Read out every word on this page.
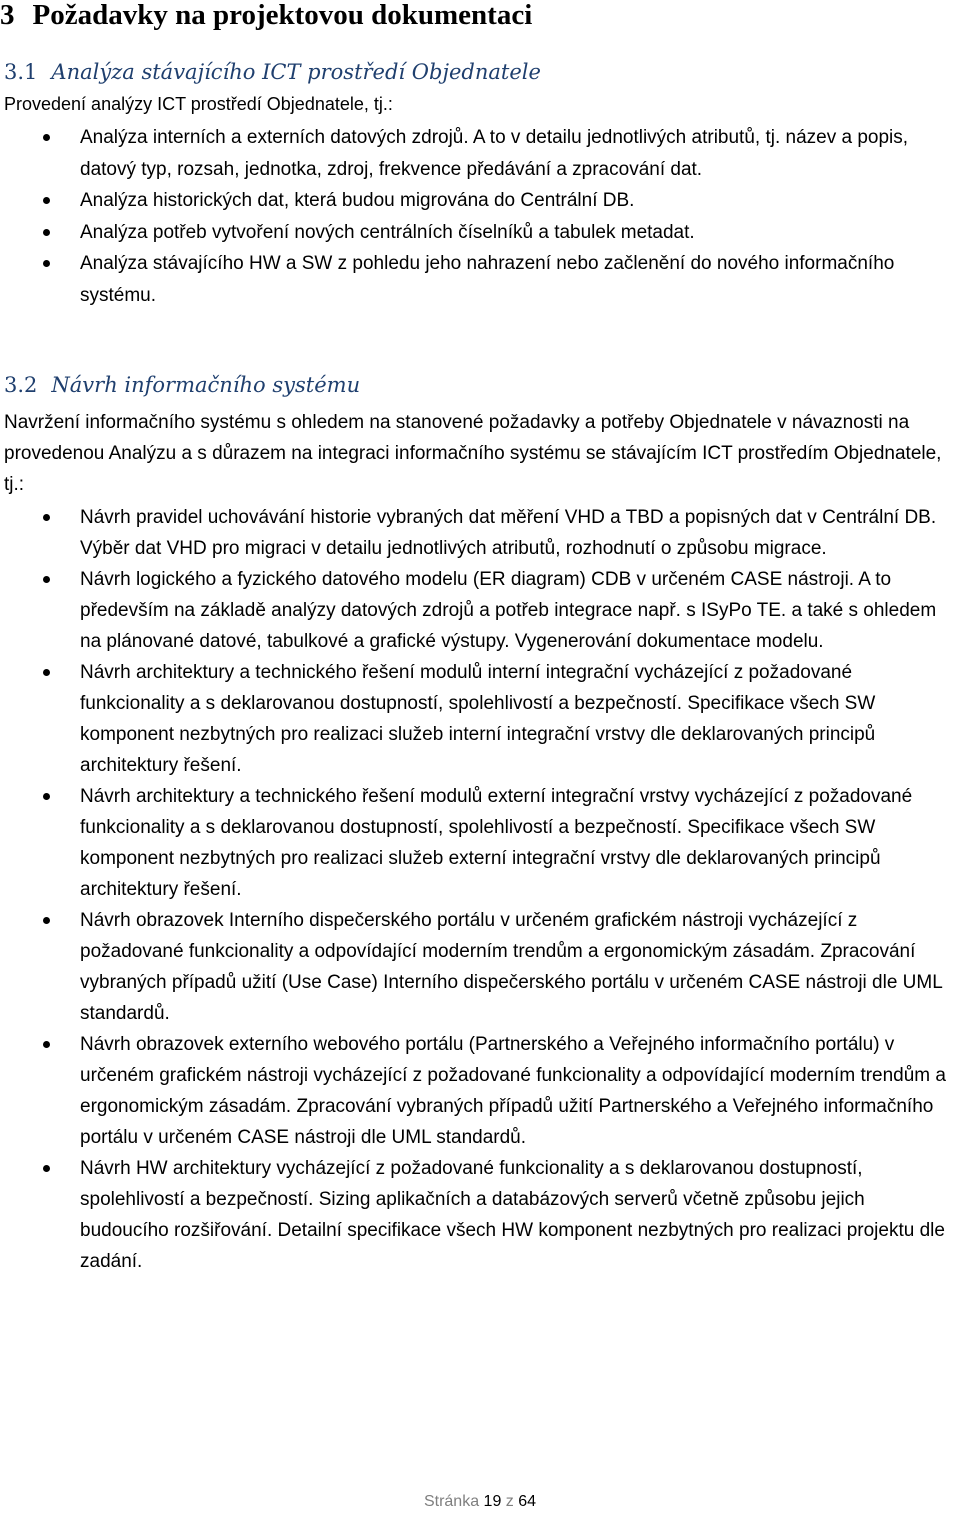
3 Požadavky na projektovou dokumentaci
3.1 Analýza stávajícího ICT prostředí Objednatele

Provedení analýzy ICT prostředí Objednatele, tj.:

Analýza interních a externích datových zdrojů. A to v detailu jednotlivých atributů, tj. název a popis, datový typ, rozsah, jednotka, zdroj, frekvence předávání a zpracování dat.
Analýza historických dat, která budou migrována do Centrální DB.
Analýza potřeb vytvoření nových centrálních číselníků a tabulek metadat.
Analýza stávajícího HW a SW z pohledu jeho nahrazení nebo začlenění do nového informačního systému.
3.2 Návrh informačního systému

Navržení informačního systému s ohledem na stanovené požadavky a potřeby Objednatele v návaznosti na provedenou Analýzu a s důrazem na integraci informačního systému se stávajícím ICT prostředím Objednatele, tj.:

Návrh pravidel uchovávání historie vybraných dat měření VHD a TBD a popisných dat v Centrální DB. Výběr dat VHD pro migraci v detailu jednotlivých atributů, rozhodnutí o způsobu migrace.
Návrh logického a fyzického datového modelu (ER diagram) CDB v určeném CASE nástroji. A to především na základě analýzy datových zdrojů a potřeb integrace např. s ISyPo TE. a také s ohledem na plánované datové, tabulkové a grafické výstupy. Vygenerování dokumentace modelu.
Návrh architektury a technického řešení modulů interní integrační vycházející z požadované funkcionality a s deklarovanou dostupností, spolehlivostí a bezpečností. Specifikace všech SW komponent nezbytných pro realizaci služeb interní integrační vrstvy dle deklarovaných principů architektury řešení.
Návrh architektury a technického řešení modulů externí integrační vrstvy vycházející z požadované funkcionality a s deklarovanou dostupností, spolehlivostí a bezpečností. Specifikace všech SW komponent nezbytných pro realizaci služeb externí integrační vrstvy dle deklarovaných principů architektury řešení.
Návrh obrazovek Interního dispečerského portálu v určeném grafickém nástroji vycházející z požadované funkcionality a odpovídající moderním trendům a ergonomickým zásadám. Zpracování vybraných případů užití (Use Case) Interního dispečerského portálu v určeném CASE nástroji dle UML standardů.
Návrh obrazovek externího webového portálu (Partnerského a Veřejného informačního portálu) v určeném grafickém nástroji vycházející z požadované funkcionality a odpovídající moderním trendům a ergonomickým zásadám. Zpracování vybraných případů užití Partnerského a Veřejného informačního portálu v určeném CASE nástroji dle UML standardů.
Návrh HW architektury vycházející z požadované funkcionality a s deklarovanou dostupností, spolehlivostí a bezpečností. Sizing aplikačních a databázových serverů včetně způsobu jejich budoucího rozšiřování. Detailní specifikace všech HW komponent nezbytných pro realizaci projektu dle zadání.
Stránka 19 z 64
